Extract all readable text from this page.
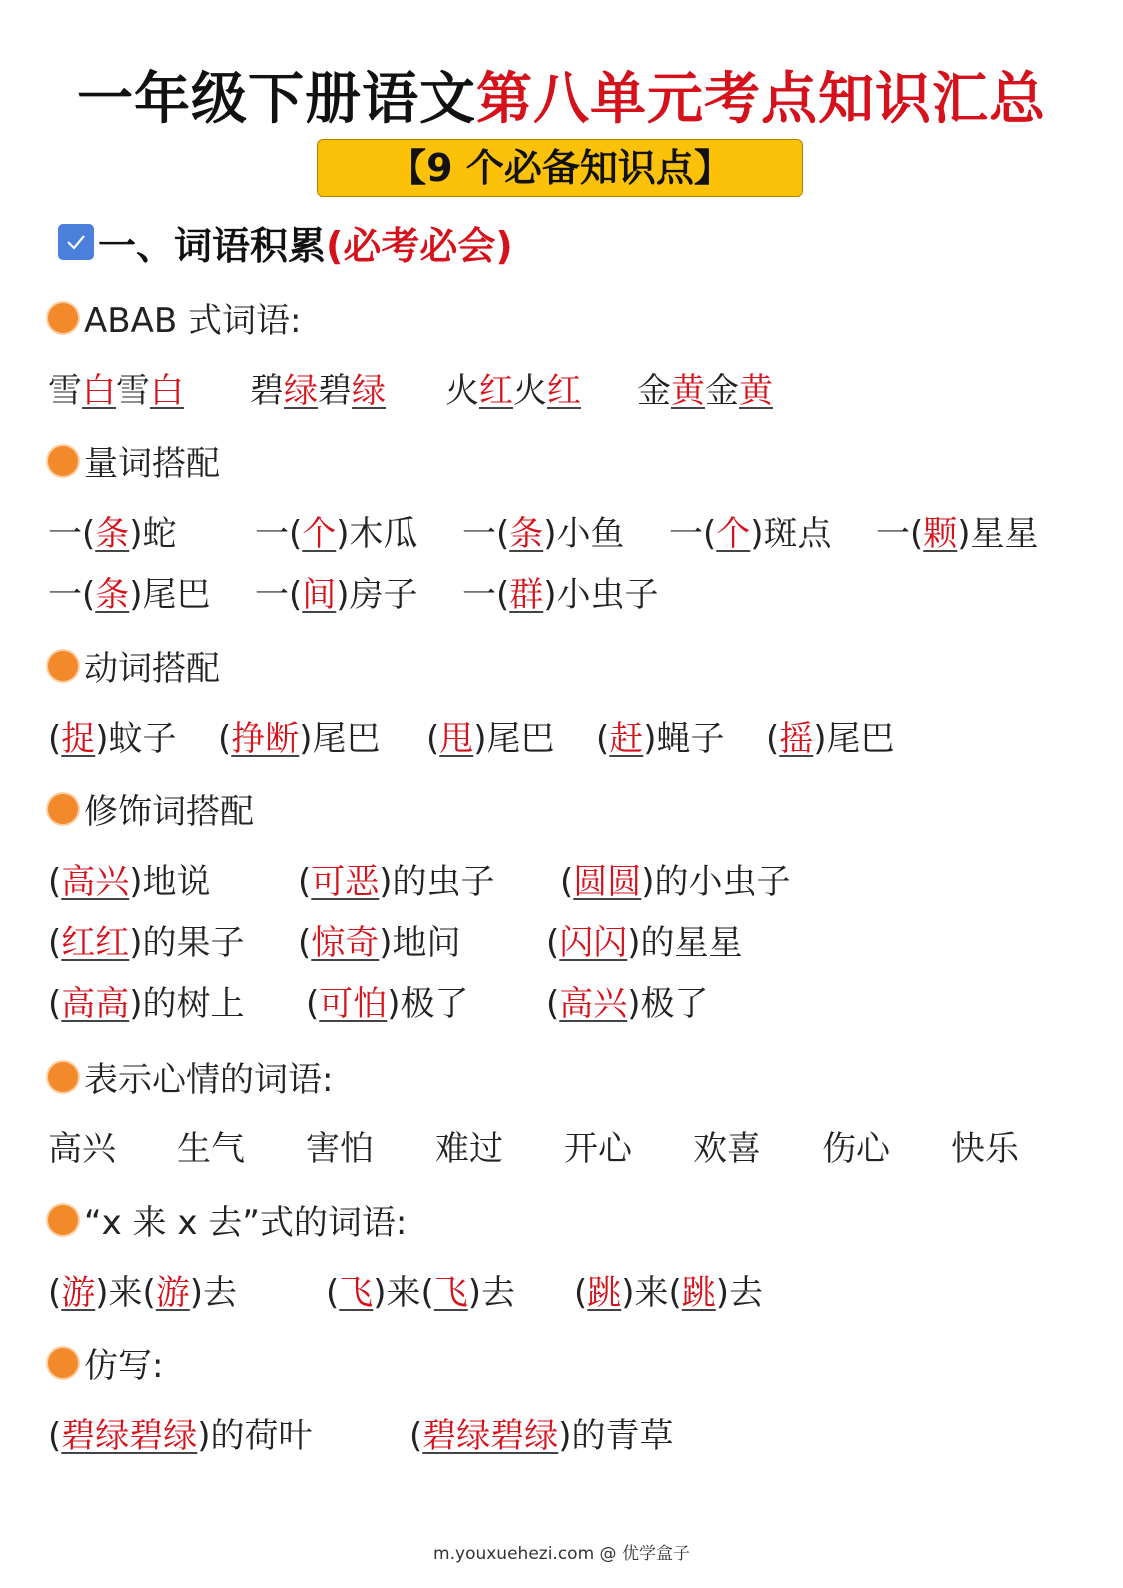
一年级下册语文第八单元考点知识汇总
【9 个必备知识点】
一、词语积累 (必考必会)
ABAB 式词语:
雪白雪白 碧绿碧绿 火红火红 金黄金黄
量词搭配
一(条)蛇 一(个)木瓜 一(条)小鱼 一(个)斑点 一(颗)星星
一(条)尾巴 一(间)房子 一(群)小虫子
动词搭配
(捉)蚊子 (挣断)尾巴 (甩)尾巴 (赶)蝇子 (摇)尾巴
修饰词搭配
(高兴)地说	(可恶)的虫子 (圆圆)的小虫子
(红红)的果子 (惊奇)地问	(闪闪)的星星
(高高)的树上 (可怕)极了 (高兴)极了
表示心情的词语:
高兴 生气 害怕 难过 开心 欢喜 伤心 快乐
“x 来 x 去”式的词语:
(游)来(游)去	(飞)来(飞)去 (跳)来(跳)去
仿写:
(碧绿碧绿)的荷叶	(碧绿碧绿)的青草
m.youxuehezi.com @ 优学盒子
